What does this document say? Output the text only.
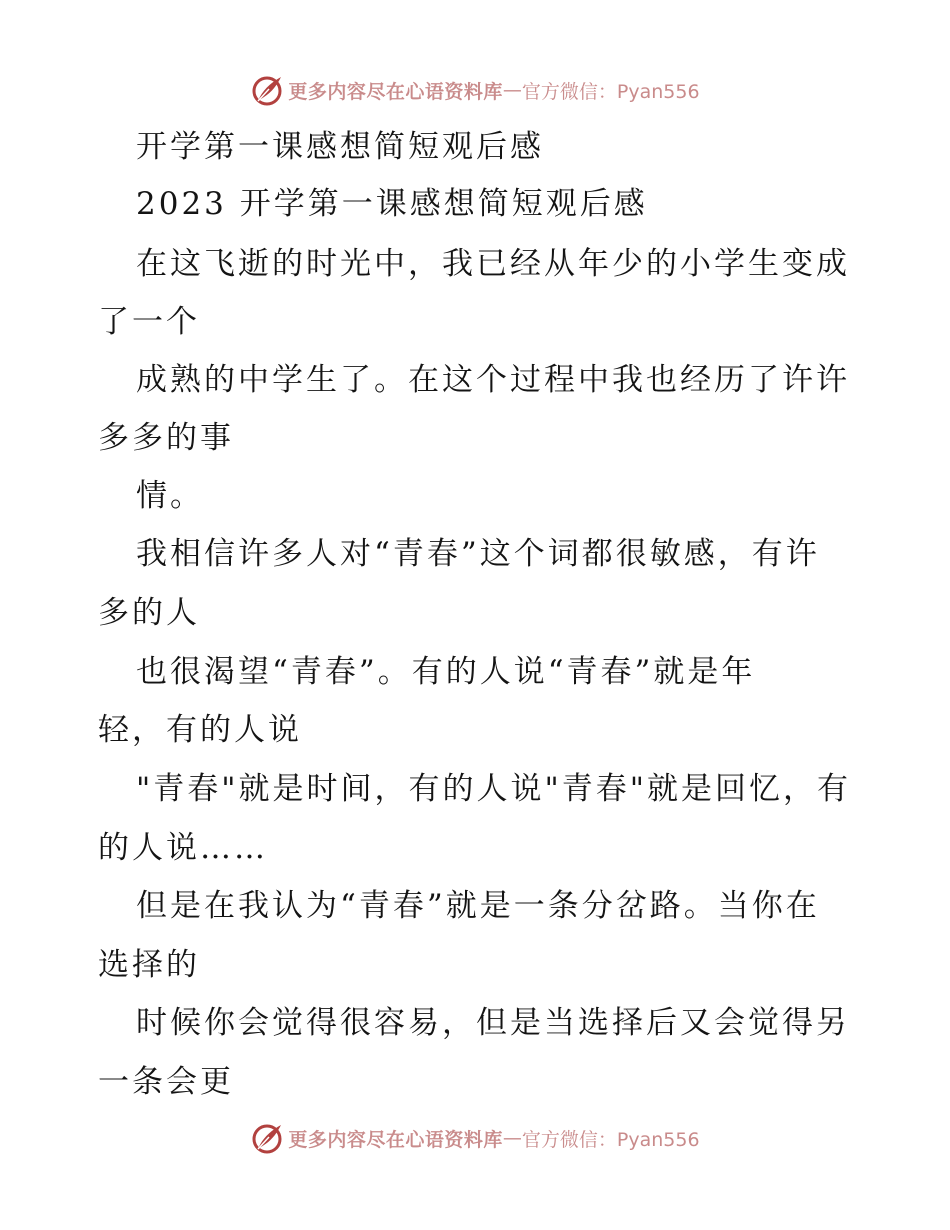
更多内容尽在心语资料库 — 官方微信：Pyan556
开学第一课感想简短观后感
2023 开学第一课感想简短观后感
在这飞逝的时光中，我已经从年少的小学生变成
了一个
成熟的中学生了。在这个过程中我也经历了许许
多多的事
情。
我相信许多人对“青春”这个词都很敏感，有许
多的人
也很渴望“青春”。有的人说“青春”就是年
轻，有的人说
"青春"就是时间，有的人说"青春"就是回忆，有
的人说……
但是在我认为“青春”就是一条分岔路。当你在
选择的
时候你会觉得很容易，但是当选择后又会觉得另
一条会更
更多内容尽在心语资料库 — 官方微信：Pyan556
